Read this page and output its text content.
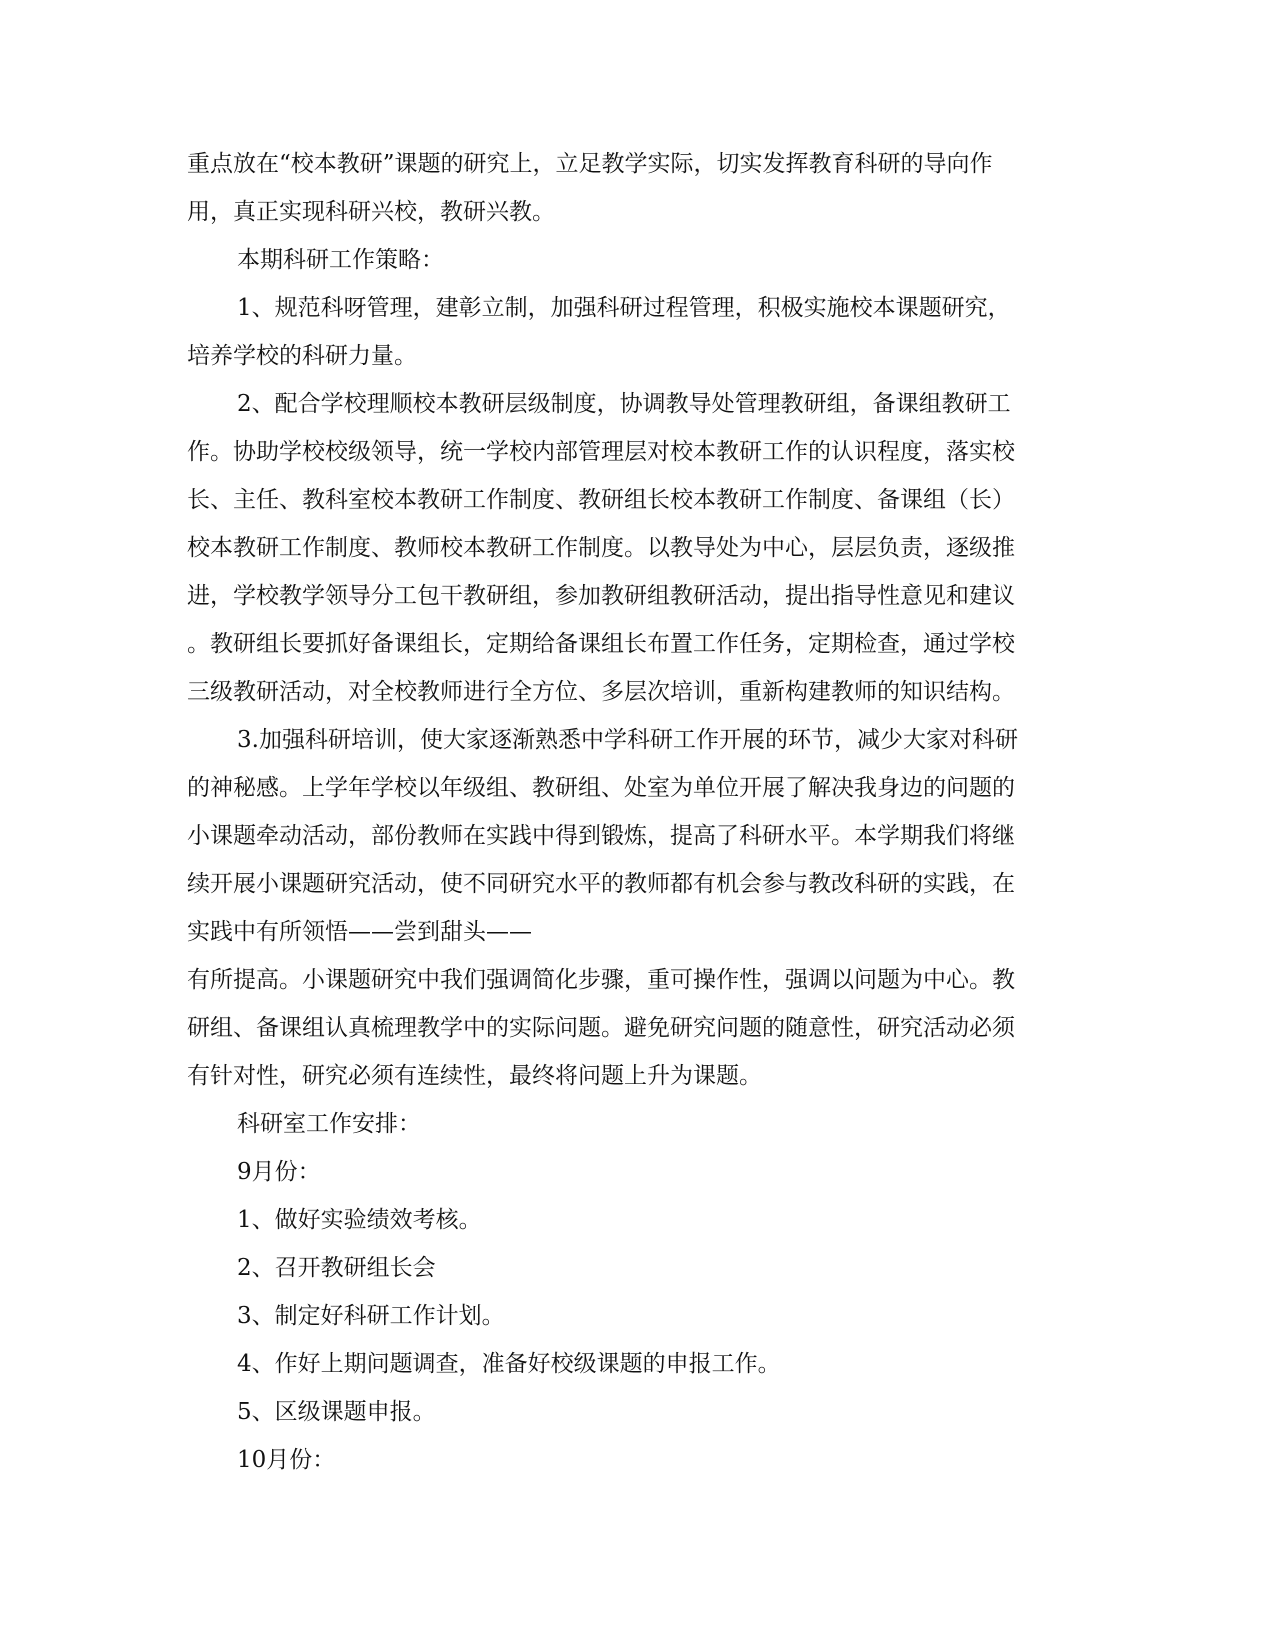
重点放在“校本教研”课题的研究上，立足教学实际，切实发挥教育科研的导向作

用，真正实现科研兴校，教研兴教。

本期科研工作策略：

1、规范科呀管理，建彰立制，加强科研过程管理，积极实施校本课题研究，

培养学校的科研力量。

2、配合学校理顺校本教研层级制度，协调教导处管理教研组，备课组教研工

作。协助学校校级领导，统一学校内部管理层对校本教研工作的认识程度，落实校

长、主任、教科室校本教研工作制度、教研组长校本教研工作制度、备课组（长）

校本教研工作制度、教师校本教研工作制度。以教导处为中心，层层负责，逐级推

进，学校教学领导分工包干教研组，参加教研组教研活动，提出指导性意见和建议

。教研组长要抓好备课组长，定期给备课组长布置工作任务，定期检查，通过学校

三级教研活动，对全校教师进行全方位、多层次培训，重新构建教师的知识结构。

3.加强科研培训，使大家逐渐熟悉中学科研工作开展的环节，减少大家对科研

的神秘感。上学年学校以年级组、教研组、处室为单位开展了解决我身边的问题的

小课题牵动活动，部份教师在实践中得到锻炼，提高了科研水平。本学期我们将继

续开展小课题研究活动，使不同研究水平的教师都有机会参与教改科研的实践，在

实践中有所领悟——尝到甜头——

有所提高。小课题研究中我们强调简化步骤，重可操作性，强调以问题为中心。教

研组、备课组认真梳理教学中的实际问题。避免研究问题的随意性，研究活动必须

有针对性，研究必须有连续性，最终将问题上升为课题。

科研室工作安排：

9月份：

1、做好实验绩效考核。

2、召开教研组长会

3、制定好科研工作计划。

4、作好上期问题调查，准备好校级课题的申报工作。

5、区级课题申报。

10月份：
